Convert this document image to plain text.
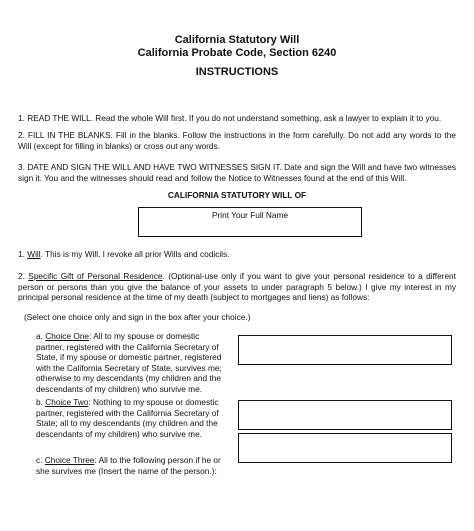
California Statutory Will
California Probate Code, Section 6240
INSTRUCTIONS
1. READ THE WILL. Read the whole Will first. If you do not understand something, ask a lawyer to explain it to you.
2. FILL IN THE BLANKS. Fill in the blanks. Follow the instructions in the form carefully. Do not add any words to the Will (except for filling in blanks) or cross out any words.
3. DATE AND SIGN THE WILL AND HAVE TWO WITNESSES SIGN IT. Date and sign the Will and have two witnesses sign it. You and the witnesses should read and follow the Notice to Witnesses found at the end of this Will.
CALIFORNIA STATUTORY WILL OF
Print Your Full Name
1. Will. This is my Will. I revoke all prior Wills and codicils.
2. Specific Gift of Personal Residence. (Optional-use only if you want to give your personal residence to a different person or persons than you give the balance of your assets to under paragraph 5 below.) I give my interest in my principal personal residence at the time of my death (subject to mortgages and liens) as follows:
(Select one choice only and sign in the box after your choice.)
a. Choice One: All to my spouse or domestic partner, registered with the California Secretary of State, if my spouse or domestic partner, registered with the California Secretary of State, survives me; otherwise to my descendants (my children and the descendants of my children) who survive me.
b. Choice Two: Nothing to my spouse or domestic partner, registered with the California Secretary of State; all to my descendants (my children and the descendants of my children) who survive me.
c. Choice Three: All to the following person if he or she survives me (Insert the name of the person.):
